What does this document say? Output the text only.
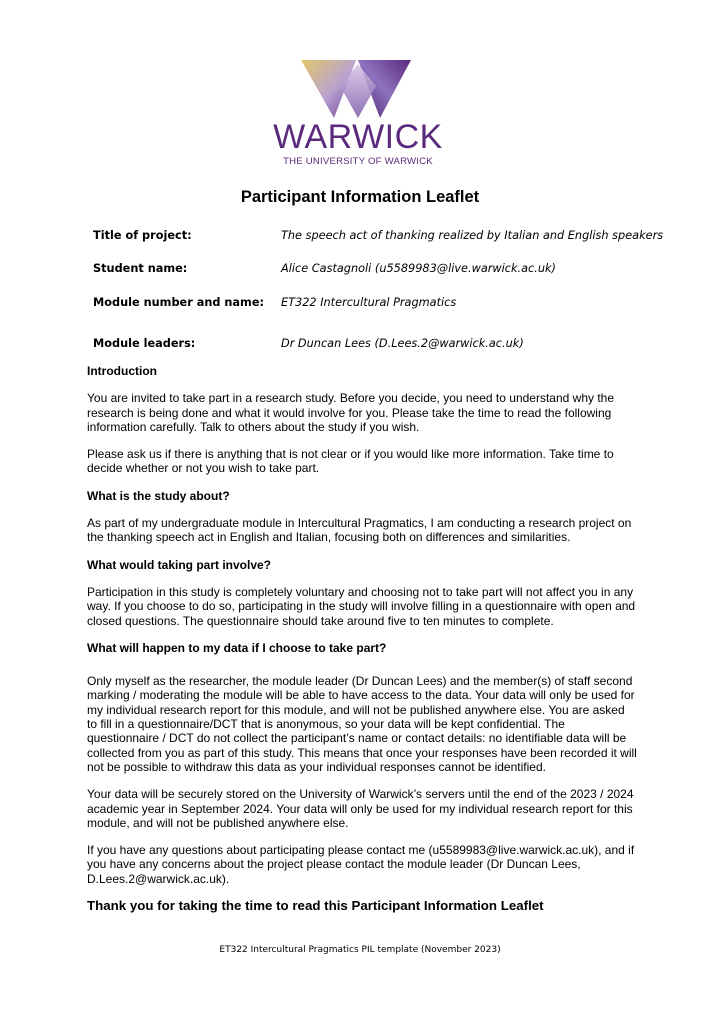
WARWICK
THE UNIVERSITY OF WARWICK
Participant Information Leaflet
Title of project:	The speech act of thanking realized by Italian and English speakers
Student name:	Alice Castagnoli (u5589983@live.warwick.ac.uk)
Module number and name: ET322 Intercultural Pragmatics
Module leaders:	Dr Duncan Lees (D.Lees.2@warwick.ac.uk)
Introduction

You are invited to take part in a research study. Before you decide, you need to understand why the research is being done and what it would involve for you. Please take the time to read the following information carefully. Talk to others about the study if you wish.

Please ask us if there is anything that is not clear or if you would like more information. Take time to decide whether or not you wish to take part.

What is the study about?

As part of my undergraduate module in Intercultural Pragmatics, I am conducting a research project on the thanking speech act in English and Italian, focusing both on differences and similarities.

What would taking part involve?

Participation in this study is completely voluntary and choosing not to take part will not affect you in any way. If you choose to do so, participating in the study will involve filling in a questionnaire with open and closed questions. The questionnaire should take around five to ten minutes to complete.

What will happen to my data if I choose to take part?

Only myself as the researcher, the module leader (Dr Duncan Lees) and the member(s) of staff second marking / moderating the module will be able to have access to the data. Your data will only be used for my individual research report for this module, and will not be published anywhere else. You are asked to fill in a questionnaire/DCT that is anonymous, so your data will be kept confidential. The questionnaire / DCT do not collect the participant’s name or contact details: no identifiable data will be collected from you as part of this study. This means that once your responses have been recorded it will not be possible to withdraw this data as your individual responses cannot be identified.

Your data will be securely stored on the University of Warwick’s servers until the end of the 2023 / 2024 academic year in September 2024. Your data will only be used for my individual research report for this module, and will not be published anywhere else.

If you have any questions about participating please contact me (u5589983@live.warwick.ac.uk), and if you have any concerns about the project please contact the module leader (Dr Duncan Lees, D.Lees.2@warwick.ac.uk).

Thank you for taking the time to read this Participant Information Leaflet
ET322 Intercultural Pragmatics PIL template (November 2023)
